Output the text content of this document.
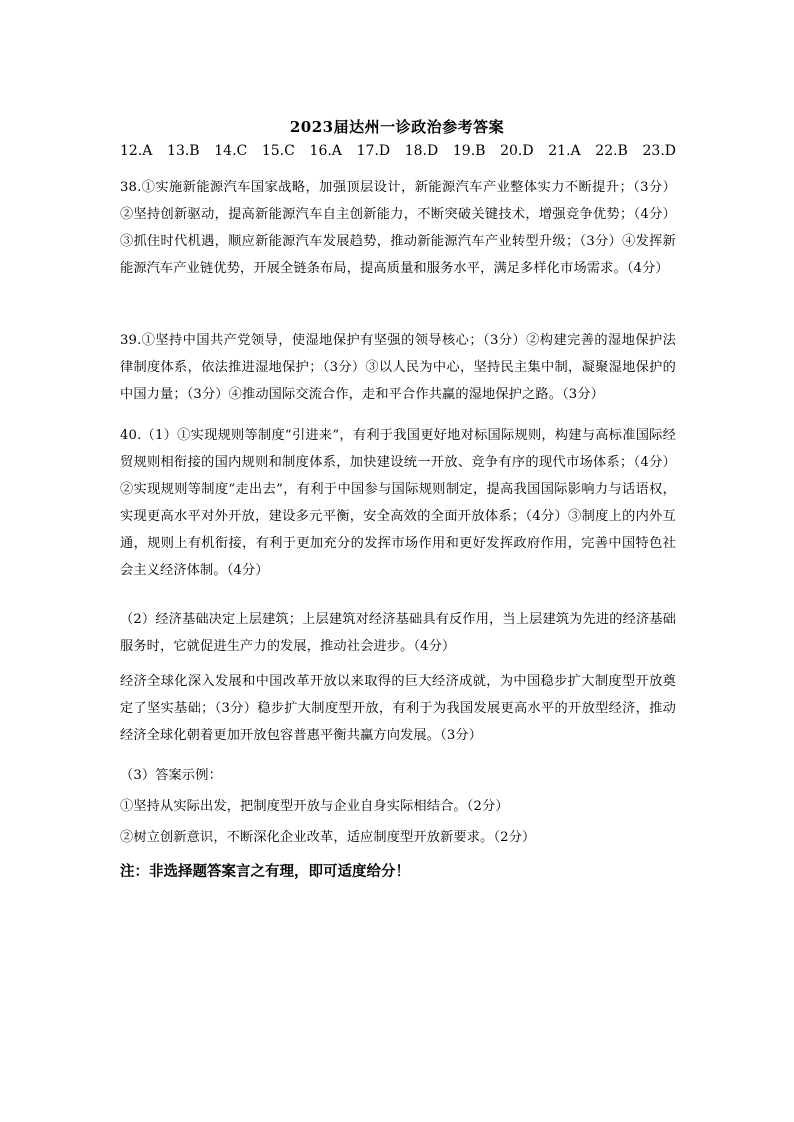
2023届达州一诊政治参考答案
12.A 13.B 14.C 15.C 16.A 17.D 18.D 19.B 20.D 21.A 22.B 23.D
38.①实施新能源汽车国家战略，加强顶层设计，新能源汽车产业整体实力不断提升；（3分）②坚持创新驱动，提高新能源汽车自主创新能力，不断突破关键技术，增强竞争优势；（4分）③抓住时代机遇，顺应新能源汽车发展趋势，推动新能源汽车产业转型升级；（3分）④发挥新能源汽车产业链优势，开展全链条布局，提高质量和服务水平，满足多样化市场需求。（4分）
39.①坚持中国共产党领导，使湿地保护有坚强的领导核心；（3分）②构建完善的湿地保护法律制度体系，依法推进湿地保护；（3分）③以人民为中心，坚持民主集中制，凝聚湿地保护的中国力量；（3分）④推动国际交流合作，走和平合作共赢的湿地保护之路。（3分）
40.（1）①实现规则等制度“引进来”，有利于我国更好地对标国际规则，构建与高标准国际经贸规则相衔接的国内规则和制度体系，加快建设统一开放、竞争有序的现代市场体系；（4分）②实现规则等制度“走出去”，有利于中国参与国际规则制定，提高我国国际影响力与话语权，实现更高水平对外开放，建设多元平衡，安全高效的全面开放体系；（4分）③制度上的内外互通，规则上有机衔接，有利于更加充分的发挥市场作用和更好发挥政府作用，完善中国特色社会主义经济体制。（4分）
（2）经济基础决定上层建筑；上层建筑对经济基础具有反作用，当上层建筑为先进的经济基础服务时，它就促进生产力的发展，推动社会进步。（4分）
经济全球化深入发展和中国改革开放以来取得的巨大经济成就，为中国稳步扩大制度型开放奠定了坚实基础；（3分）稳步扩大制度型开放，有利于为我国发展更高水平的开放型经济，推动经济全球化朝着更加开放包容普惠平衡共赢方向发展。（3分）
（3）答案示例：
①坚持从实际出发，把制度型开放与企业自身实际相结合。（2分）
②树立创新意识，不断深化企业改革，适应制度型开放新要求。（2分）
注：非选择题答案言之有理，即可适度给分！
